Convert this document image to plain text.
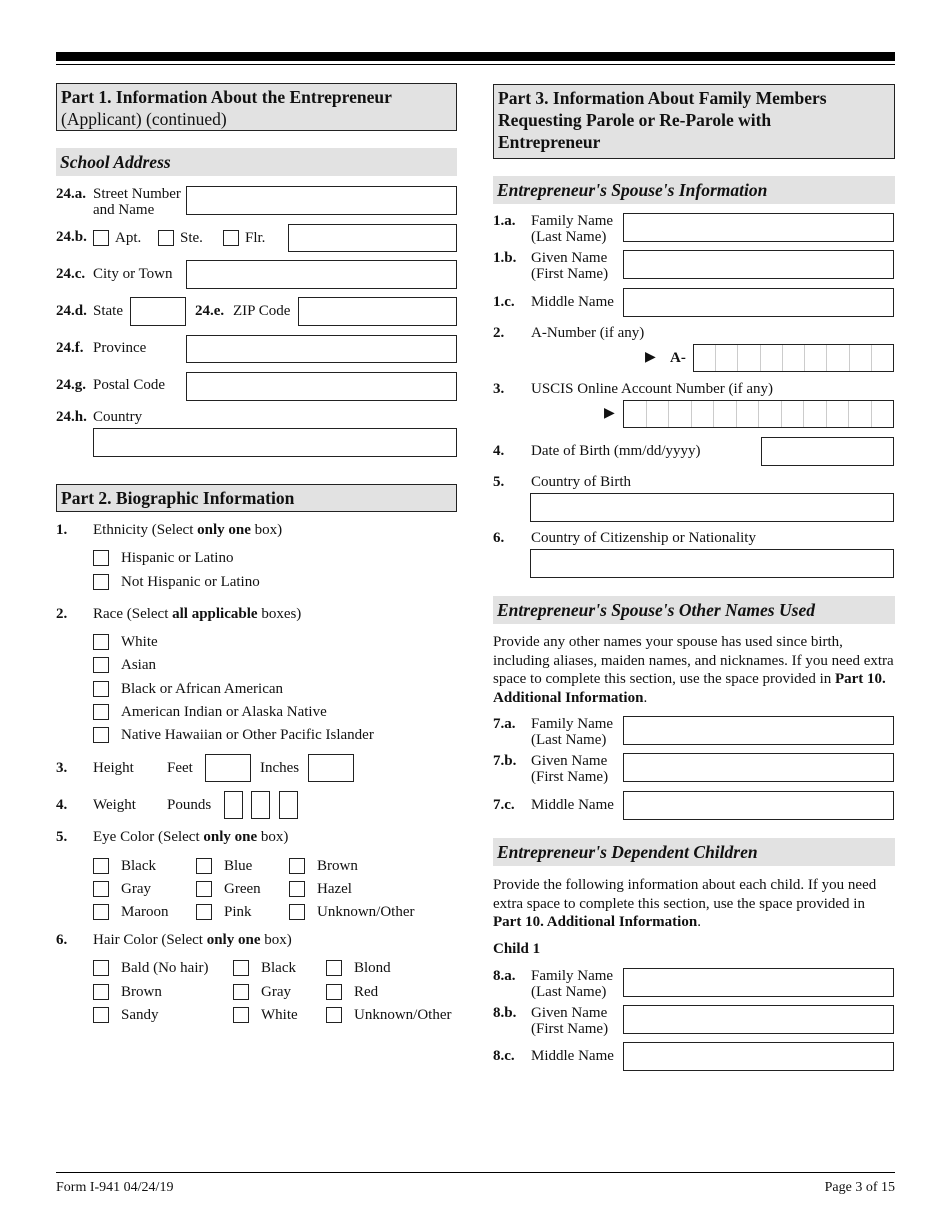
Part 1. Information About the Entrepreneur
(Applicant) (continued)
School Address
24.a. Street Number
and Name
24.b. Apt.	Ste.	Flr.
24.c. City or Town
24.d. State	24.e. ZIP Code
24.f. Province
24.g. Postal Code
24.h. Country
Part 2. Biographic Information
1. Ethnicity (Select only one box)
Hispanic or Latino
Not Hispanic or Latino
2. Race (Select all applicable boxes)
White
Asian
Black or African American
American Indian or Alaska Native
Native Hawaiian or Other Pacific Islander
3. Height Feet	Inches
4. Weight Pounds
5. Eye Color (Select only one box)
Black	Blue	Brown
Gray	Green	Hazel
Maroon	Pink	Unknown/Other
6. Hair Color (Select only one box)
Bald (No hair)	Black	Blond
Brown	Gray	Red
Sandy	White	Unknown/Other
Part 3. Information About Family Members
Requesting Parole or Re-Parole with
Entrepreneur
Entrepreneur's Spouse's Information
1.a. Family Name
(Last Name)
1.b. Given Name
(First Name)
1.c. Middle Name
2. A-Number (if any)
▶ A-
3. USCIS Online Account Number (if any)
▶
4. Date of Birth (mm/dd/yyyy)
5. Country of Birth
6. Country of Citizenship or Nationality
Entrepreneur's Spouse's Other Names Used
Provide any other names your spouse has used since birth, including aliases, maiden names, and nicknames. If you need extra space to complete this section, use the space provided in Part 10. Additional Information.
7.a. Family Name
(Last Name)
7.b. Given Name
(First Name)
7.c. Middle Name
Entrepreneur's Dependent Children
Provide the following information about each child. If you need extra space to complete this section, use the space provided in Part 10. Additional Information.
Child 1
8.a. Family Name
(Last Name)
8.b. Given Name
(First Name)
8.c. Middle Name
Form I-941 04/24/19	Page 3 of 15
